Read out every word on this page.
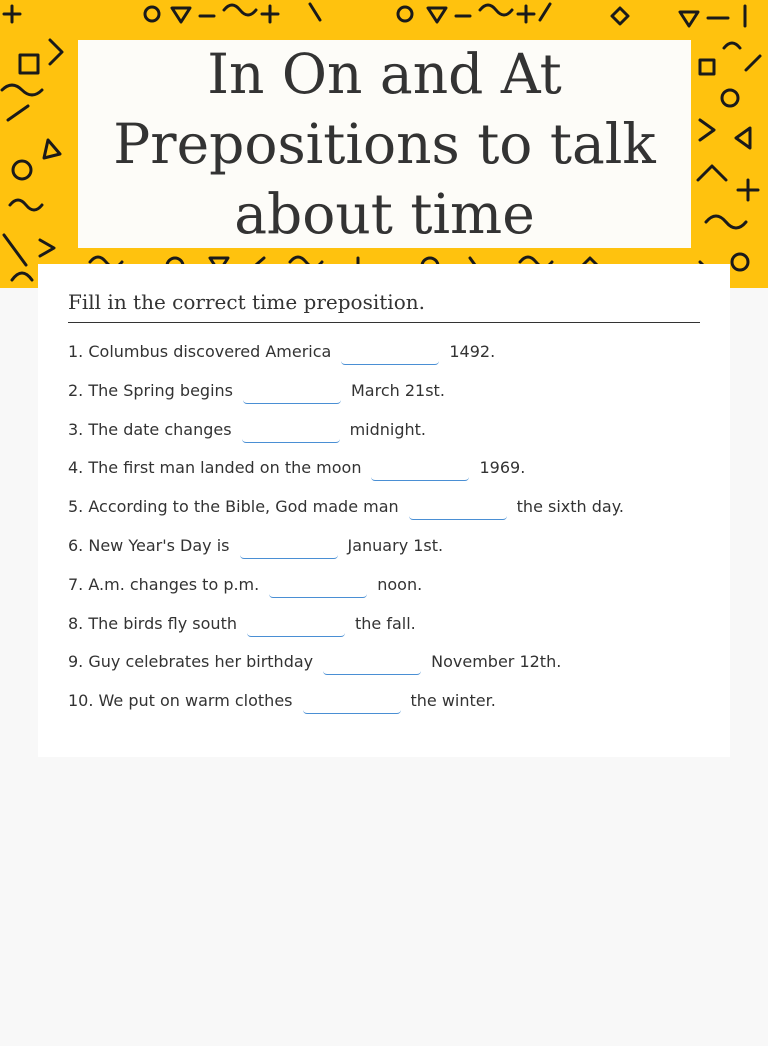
In On and At Prepositions to talk about time
Fill in the correct time preposition.
1. Columbus discovered America	1492.
2. The Spring begins	March 21st.
3. The date changes	midnight.
4. The first man landed on the moon	1969.
5. According to the Bible, God made man	the sixth day.
6. New Year's Day is	January 1st.
7. A.m. changes to p.m.	noon.
8. The birds fly south	the fall.
9. Guy celebrates her birthday	November 12th.
10. We put on warm clothes	the winter.
